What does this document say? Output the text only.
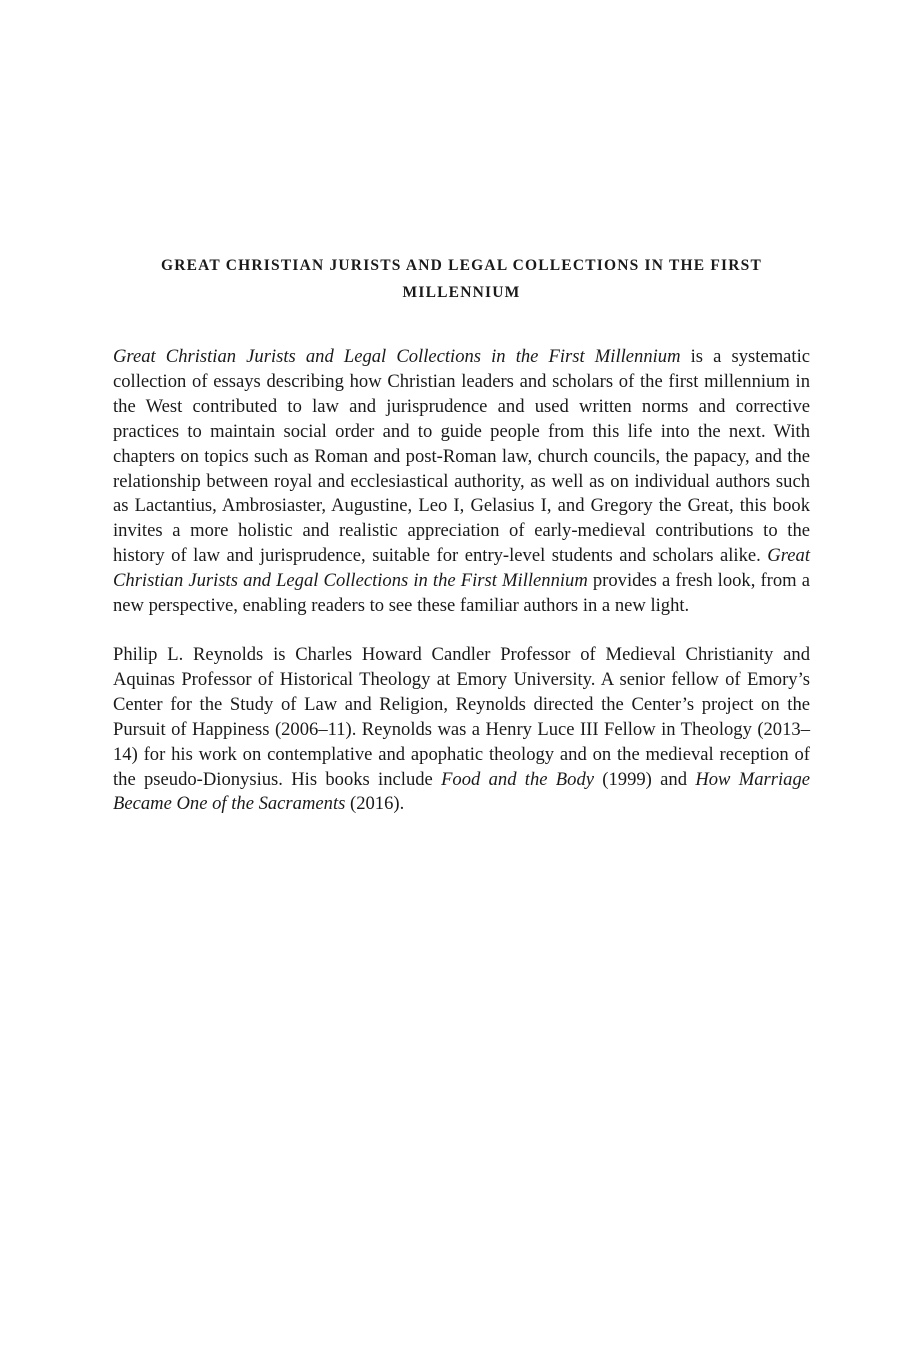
GREAT CHRISTIAN JURISTS AND LEGAL COLLECTIONS IN THE FIRST MILLENNIUM

Great Christian Jurists and Legal Collections in the First Millennium is a systematic collection of essays describing how Christian leaders and scholars of the first millennium in the West contributed to law and jurisprudence and used written norms and corrective practices to maintain social order and to guide people from this life into the next. With chapters on topics such as Roman and post-Roman law, church councils, the papacy, and the relationship between royal and ecclesiastical authority, as well as on individual authors such as Lactantius, Ambrosiaster, Augustine, Leo I, Gelasius I, and Gregory the Great, this book invites a more holistic and realistic appreciation of early-medieval contributions to the history of law and jurisprudence, suitable for entry-level students and scholars alike. Great Christian Jurists and Legal Collections in the First Millennium provides a fresh look, from a new perspective, enabling readers to see these familiar authors in a new light.

Philip L. Reynolds is Charles Howard Candler Professor of Medieval Christianity and Aquinas Professor of Historical Theology at Emory University. A senior fellow of Emory’s Center for the Study of Law and Religion, Reynolds directed the Center’s project on the Pursuit of Happiness (2006–11). Reynolds was a Henry Luce III Fellow in Theology (2013–14) for his work on contemplative and apophatic theology and on the medieval reception of the pseudo-Dionysius. His books include Food and the Body (1999) and How Marriage Became One of the Sacraments (2016).
